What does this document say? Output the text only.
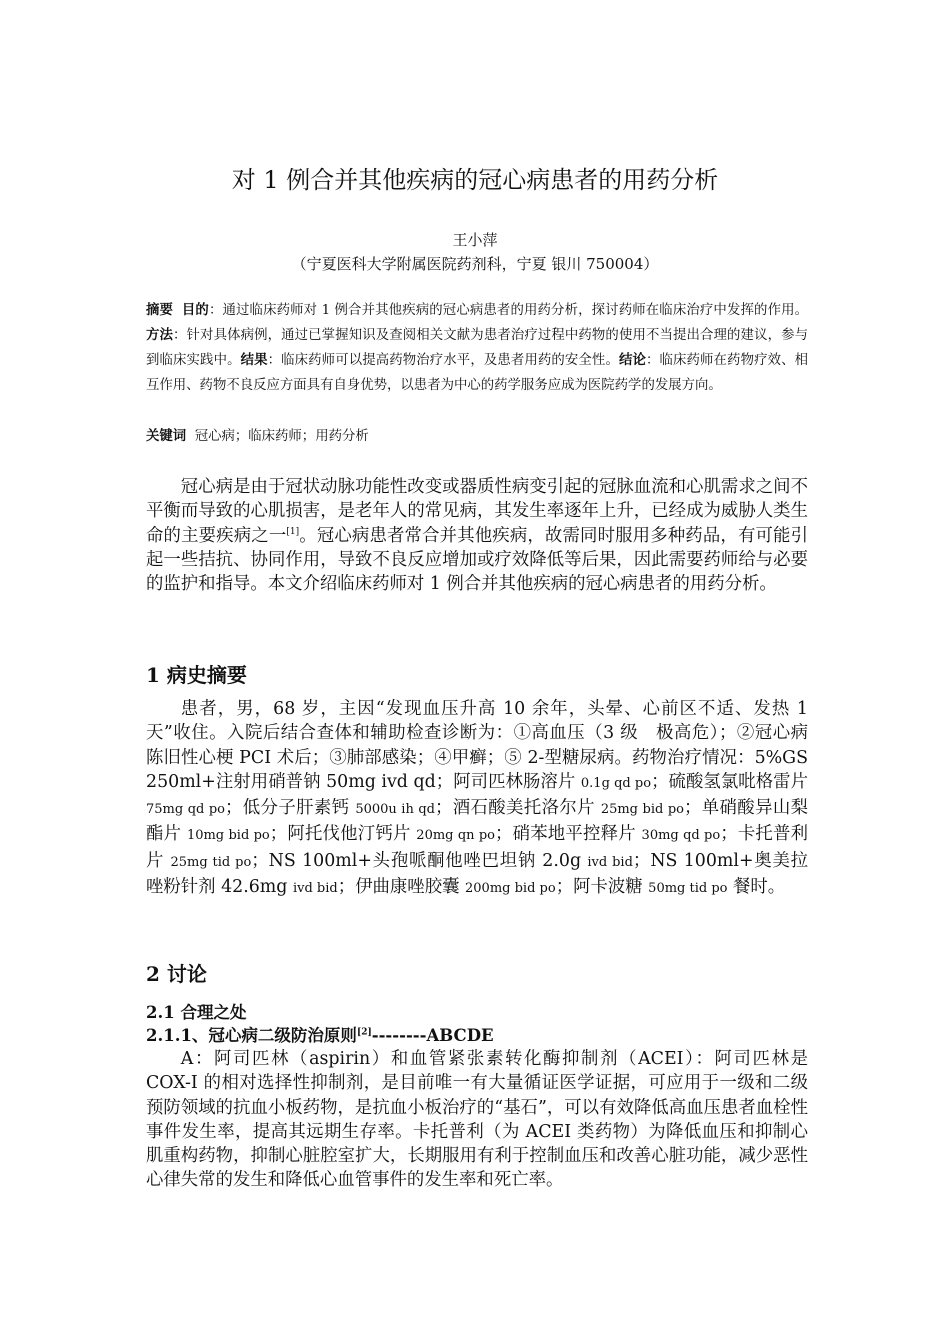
对 1 例合并其他疾病的冠心病患者的用药分析
王小萍
（宁夏医科大学附属医院药剂科，宁夏 银川 750004）
摘要 目的：通过临床药师对 1 例合并其他疾病的冠心病患者的用药分析，探讨药师在临床治疗中发挥的作用。方法：针对具体病例，通过已掌握知识及查阅相关文献为患者治疗过程中药物的使用不当提出合理的建议，参与到临床实践中。结果：临床药师可以提高药物治疗水平，及患者用药的安全性。结论：临床药师在药物疗效、相互作用、药物不良反应方面具有自身优势，以患者为中心的药学服务应成为医院药学的发展方向。
关键词 冠心病；临床药师；用药分析

冠心病是由于冠状动脉功能性改变或器质性病变引起的冠脉血流和心肌需求之间不平衡而导致的心肌损害，是老年人的常见病，其发生率逐年上升，已经成为威胁人类生命的主要疾病之一[1]。冠心病患者常合并其他疾病，故需同时服用多种药品，有可能引起一些拮抗、协同作用，导致不良反应增加或疗效降低等后果，因此需要药师给与必要的监护和指导。本文介绍临床药师对 1 例合并其他疾病的冠心病患者的用药分析。

1 病史摘要

患者，男，68 岁，主因“发现血压升高 10 余年，头晕、心前区不适、发热 1 天”收住。入院后结合查体和辅助检查诊断为：①高血压（3 级　极高危）；②冠心病 陈旧性心梗 PCI 术后；③肺部感染；④甲癣；⑤ 2-型糖尿病。药物治疗情况：5%GS 250ml+注射用硝普钠 50mg ivd qd；阿司匹林肠溶片 0.1g qd po；硫酸氢氯吡格雷片 75mg qd po；低分子肝素钙 5000u ih qd；酒石酸美托洛尔片 25mg bid po；单硝酸异山梨酯片 10mg bid po；阿托伐他汀钙片 20mg qn po；硝苯地平控释片 30mg qd po；卡托普利片 25mg tid po；NS 100ml+头孢哌酮他唑巴坦钠 2.0g ivd bid；NS 100ml+奥美拉唑粉针剂 42.6mg ivd bid；伊曲康唑胶囊 200mg bid po；阿卡波糖 50mg tid po 餐时。

2 讨论
2.1 合理之处
2.1.1、冠心病二级防治原则[2]--------ABCDE

A：阿司匹林（aspirin）和血管紧张素转化酶抑制剂（ACEI）：阿司匹林是 COX-I 的相对选择性抑制剂，是目前唯一有大量循证医学证据，可应用于一级和二级预防领域的抗血小板药物，是抗血小板治疗的“基石”，可以有效降低高血压患者血栓性事件发生率，提高其远期生存率。卡托普利（为 ACEI 类药物）为降低血压和抑制心肌重构药物，抑制心脏腔室扩大，长期服用有利于控制血压和改善心脏功能，减少恶性心律失常的发生和降低心血管事件的发生率和死亡率。
